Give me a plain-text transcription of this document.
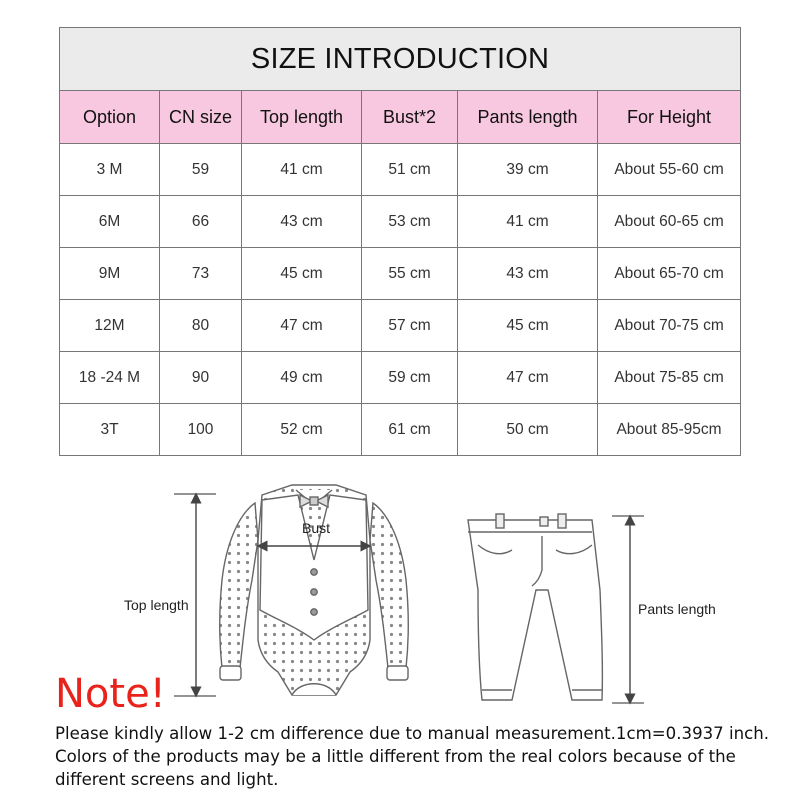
SIZE INTRODUCTION					
Option	CN size	Top length	Bust*2	Pants length	For Height
3 M	59	41 cm	51 cm	39 cm	About 55-60 cm
6M	66	43 cm	53 cm	41 cm	About 60-65 cm
9M	73	45 cm	55 cm	43 cm	About 65-70 cm
12M	80	47 cm	57 cm	45 cm	About 70-75 cm
18 -24 M	90	49 cm	59 cm	47 cm	About 75-85 cm
3T	100	52 cm	61 cm	50 cm	About 85-95cm
Bust
Top length	Pants length
Note!
Please kindly allow 1-2 cm difference due to manual measurement.1cm=0.3937 inch.
Colors of the products may be a little different from the real colors because of the
different screens and light.
